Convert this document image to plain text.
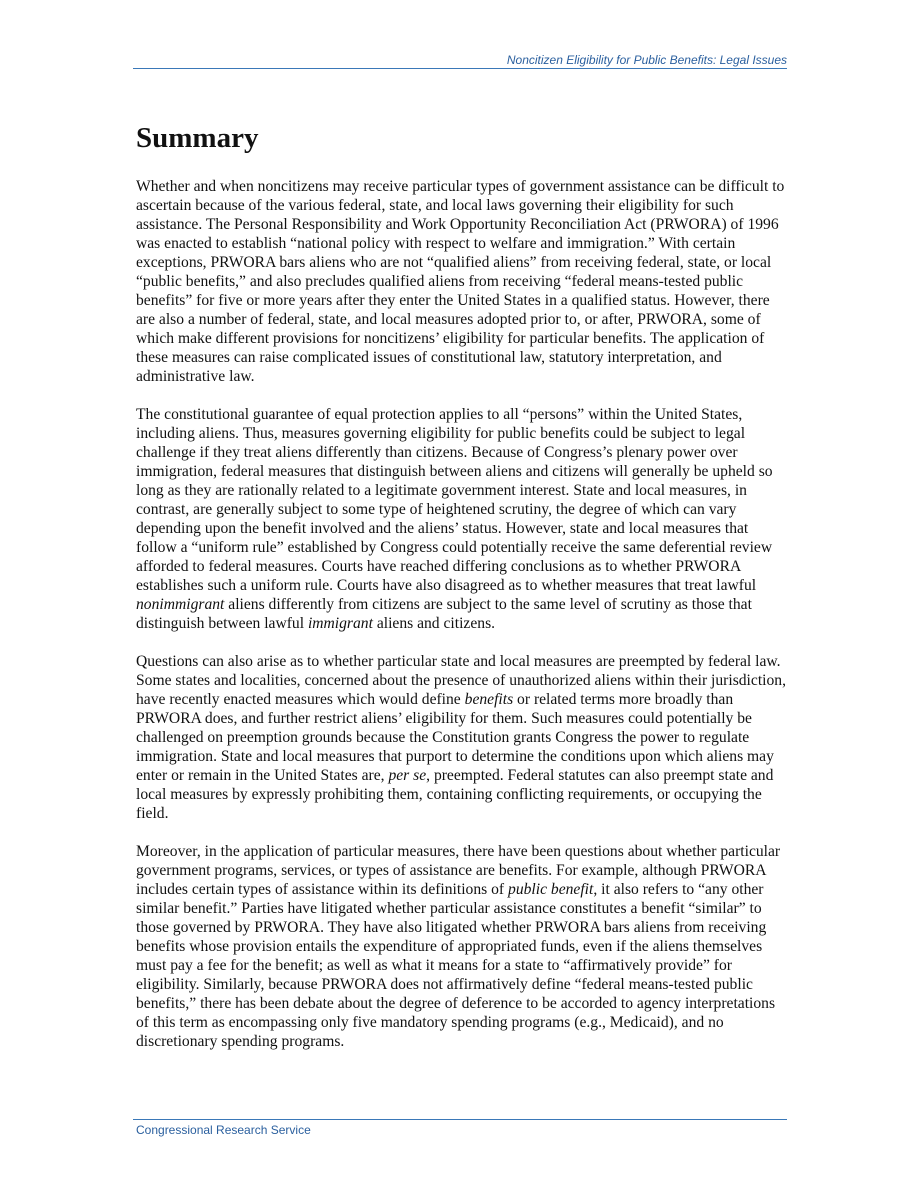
Noncitizen Eligibility for Public Benefits: Legal Issues
Summary

Whether and when noncitizens may receive particular types of government assistance can be difficult to ascertain because of the various federal, state, and local laws governing their eligibility for such assistance. The Personal Responsibility and Work Opportunity Reconciliation Act (PRWORA) of 1996 was enacted to establish “national policy with respect to welfare and immigration.” With certain exceptions, PRWORA bars aliens who are not “qualified aliens” from receiving federal, state, or local “public benefits,” and also precludes qualified aliens from receiving “federal means-tested public benefits” for five or more years after they enter the United States in a qualified status. However, there are also a number of federal, state, and local measures adopted prior to, or after, PRWORA, some of which make different provisions for noncitizens’ eligibility for particular benefits. The application of these measures can raise complicated issues of constitutional law, statutory interpretation, and administrative law.

The constitutional guarantee of equal protection applies to all “persons” within the United States, including aliens. Thus, measures governing eligibility for public benefits could be subject to legal challenge if they treat aliens differently than citizens. Because of Congress’s plenary power over immigration, federal measures that distinguish between aliens and citizens will generally be upheld so long as they are rationally related to a legitimate government interest. State and local measures, in contrast, are generally subject to some type of heightened scrutiny, the degree of which can vary depending upon the benefit involved and the aliens’ status. However, state and local measures that follow a “uniform rule” established by Congress could potentially receive the same deferential review afforded to federal measures. Courts have reached differing conclusions as to whether PRWORA establishes such a uniform rule. Courts have also disagreed as to whether measures that treat lawful nonimmigrant aliens differently from citizens are subject to the same level of scrutiny as those that distinguish between lawful immigrant aliens and citizens.

Questions can also arise as to whether particular state and local measures are preempted by federal law. Some states and localities, concerned about the presence of unauthorized aliens within their jurisdiction, have recently enacted measures which would define benefits or related terms more broadly than PRWORA does, and further restrict aliens’ eligibility for them. Such measures could potentially be challenged on preemption grounds because the Constitution grants Congress the power to regulate immigration. State and local measures that purport to determine the conditions upon which aliens may enter or remain in the United States are, per se, preempted. Federal statutes can also preempt state and local measures by expressly prohibiting them, containing conflicting requirements, or occupying the field.

Moreover, in the application of particular measures, there have been questions about whether particular government programs, services, or types of assistance are benefits. For example, although PRWORA includes certain types of assistance within its definitions of public benefit, it also refers to “any other similar benefit.” Parties have litigated whether particular assistance constitutes a benefit “similar” to those governed by PRWORA. They have also litigated whether PRWORA bars aliens from receiving benefits whose provision entails the expenditure of appropriated funds, even if the aliens themselves must pay a fee for the benefit; as well as what it means for a state to “affirmatively provide” for eligibility. Similarly, because PRWORA does not affirmatively define “federal means-tested public benefits,” there has been debate about the degree of deference to be accorded to agency interpretations of this term as encompassing only five mandatory spending programs (e.g., Medicaid), and no discretionary spending programs.

Congressional Research Service
